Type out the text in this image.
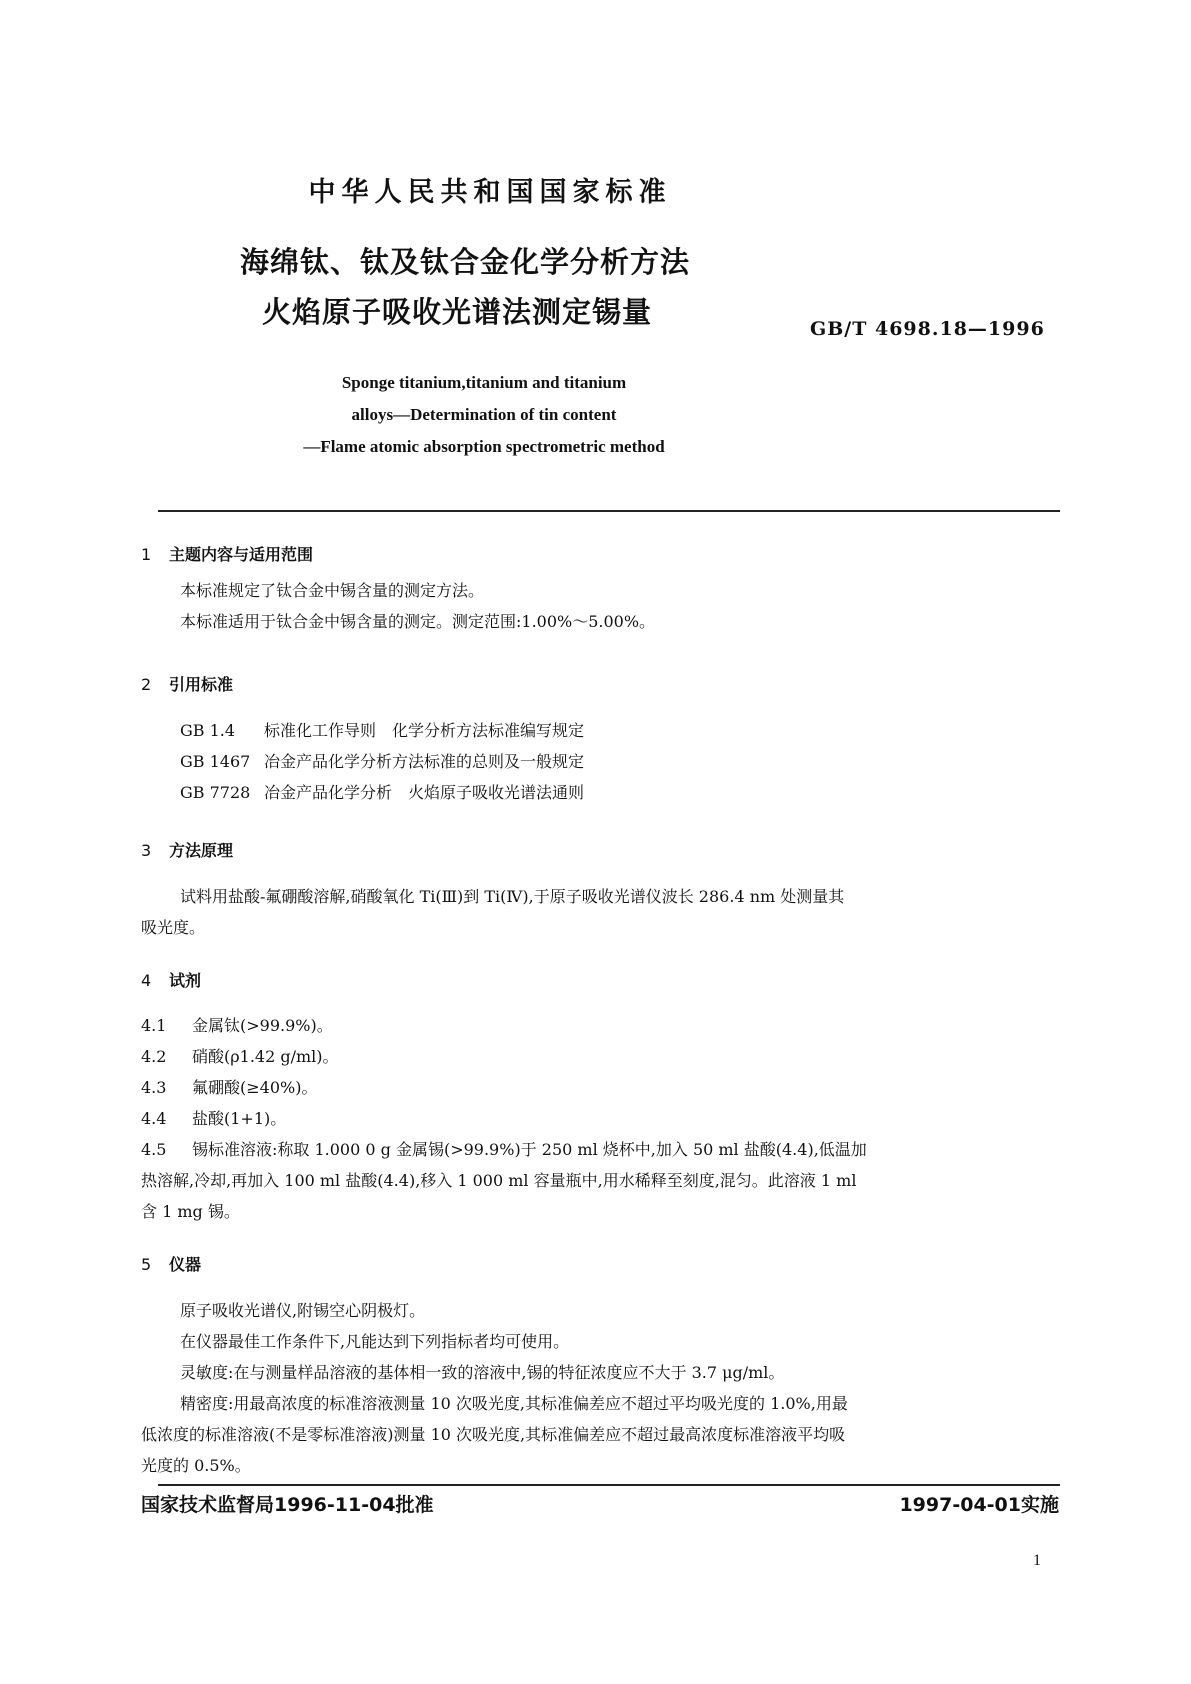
中华人民共和国国家标准
海绵钛、钛及钛合金化学分析方法
火焰原子吸收光谱法测定锡量	GB/T 4698.18—1996
Sponge titanium,titanium and titanium
alloys—Determination of tin content
—Flame atomic absorption spectrometric method
1 主题内容与适用范围
本标准规定了钛合金中锡含量的测定方法。
本标准适用于钛合金中锡含量的测定。测定范围:1.00%～5.00%。
2 引用标准
GB 1.4 标准化工作导则　化学分析方法标准编写规定
GB 1467 冶金产品化学分析方法标准的总则及一般规定
GB 7728 冶金产品化学分析　火焰原子吸收光谱法通则
3 方法原理
试料用盐酸-氟硼酸溶解,硝酸氧化 Ti(Ⅲ)到 Ti(Ⅳ),于原子吸收光谱仪波长 286.4 nm 处测量其
吸光度。
4 试剂
4.1 金属钛(>99.9%)。
4.2 硝酸(ρ1.42 g/ml)。
4.3 氟硼酸(≥40%)。
4.4 盐酸(1+1)。
4.5 锡标准溶液:称取 1.000 0 g 金属锡(>99.9%)于 250 ml 烧杯中,加入 50 ml 盐酸(4.4),低温加
热溶解,冷却,再加入 100 ml 盐酸(4.4),移入 1 000 ml 容量瓶中,用水稀释至刻度,混匀。此溶液 1 ml
含 1 mg 锡。
5 仪器
原子吸收光谱仪,附锡空心阴极灯。
在仪器最佳工作条件下,凡能达到下列指标者均可使用。
灵敏度:在与测量样品溶液的基体相一致的溶液中,锡的特征浓度应不大于 3.7 μg/ml。
精密度:用最高浓度的标准溶液测量 10 次吸光度,其标准偏差应不超过平均吸光度的 1.0%,用最
低浓度的标准溶液(不是零标准溶液)测量 10 次吸光度,其标准偏差应不超过最高浓度标准溶液平均吸
光度的 0.5%。
国家技术监督局1996-11-04批准	1997-04-01实施
1
